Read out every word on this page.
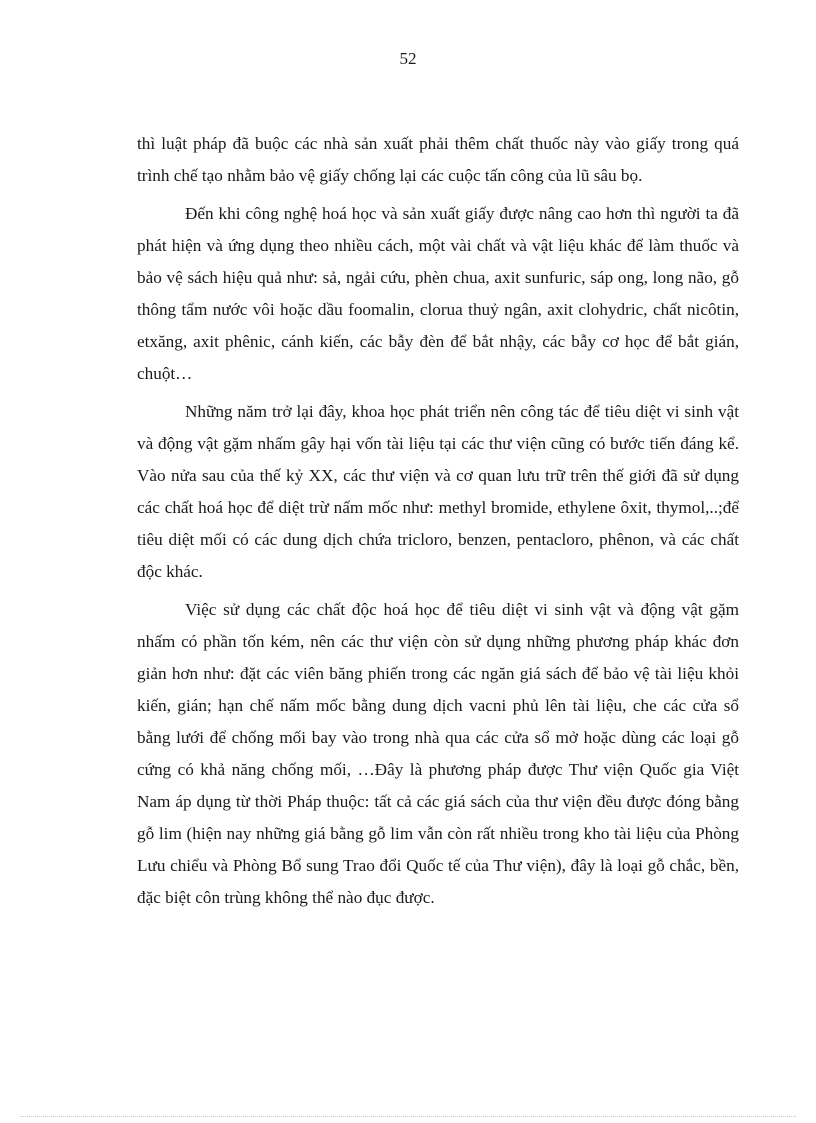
52

thì luật pháp đã buộc các nhà sản xuất phải thêm chất thuốc này vào giấy trong quá trình chế tạo nhằm bảo vệ giấy chống lại các cuộc tấn công của lũ sâu bọ.

Đến khi công nghệ hoá học và sản xuất giấy được nâng cao hơn thì người ta đã phát hiện và ứng dụng theo nhiều cách, một vài chất và vật liệu khác để làm thuốc và bảo vệ sách hiệu quả như: sả, ngải cứu, phèn chua, axit sunfuric, sáp ong, long não, gỗ thông tẩm nước vôi hoặc dầu foomalin, clorua thuỷ ngân, axit clohydric, chất nicôtin, etxăng, axit phênic, cánh kiến, các bẫy đèn để bắt nhậy, các bẫy cơ học để bắt gián, chuột…

Những năm trở lại đây, khoa học phát triển nên công tác để tiêu diệt vi sinh vật và động vật gặm nhấm gây hại vốn tài liệu tại các thư viện cũng có bước tiến đáng kể. Vào nửa sau của thế kỷ XX, các thư viện và cơ quan lưu trữ trên thế giới đã sử dụng các chất hoá học để diệt trừ nấm mốc như: methyl bromide, ethylene ôxit, thymol,..;để tiêu diệt mối có các dung dịch chứa tricloro, benzen, pentacloro, phênon, và các chất độc khác.

Việc sử dụng các chất độc hoá học để tiêu diệt vi sinh vật và động vật gặm nhấm có phần tốn kém, nên các thư viện còn sử dụng những phương pháp khác đơn giản hơn như: đặt các viên băng phiến trong các ngăn giá sách để bảo vệ tài liệu khỏi kiến, gián; hạn chế nấm mốc bằng dung dịch vacni phủ lên tài liệu, che các cửa sổ bằng lưới để chống mối bay vào trong nhà qua các cửa sổ mở hoặc dùng các loại gỗ cứng có khả năng chống mối, …Đây là phương pháp được Thư viện Quốc gia Việt Nam áp dụng từ thời Pháp thuộc: tất cả các giá sách của thư viện đều được đóng bằng gỗ lim (hiện nay những giá bằng gỗ lim vẫn còn rất nhiều trong kho tài liệu của Phòng Lưu chiểu và Phòng Bổ sung Trao đổi Quốc tế của Thư viện), đây là loại gỗ chắc, bền, đặc biệt côn trùng không thể nào đục được.
